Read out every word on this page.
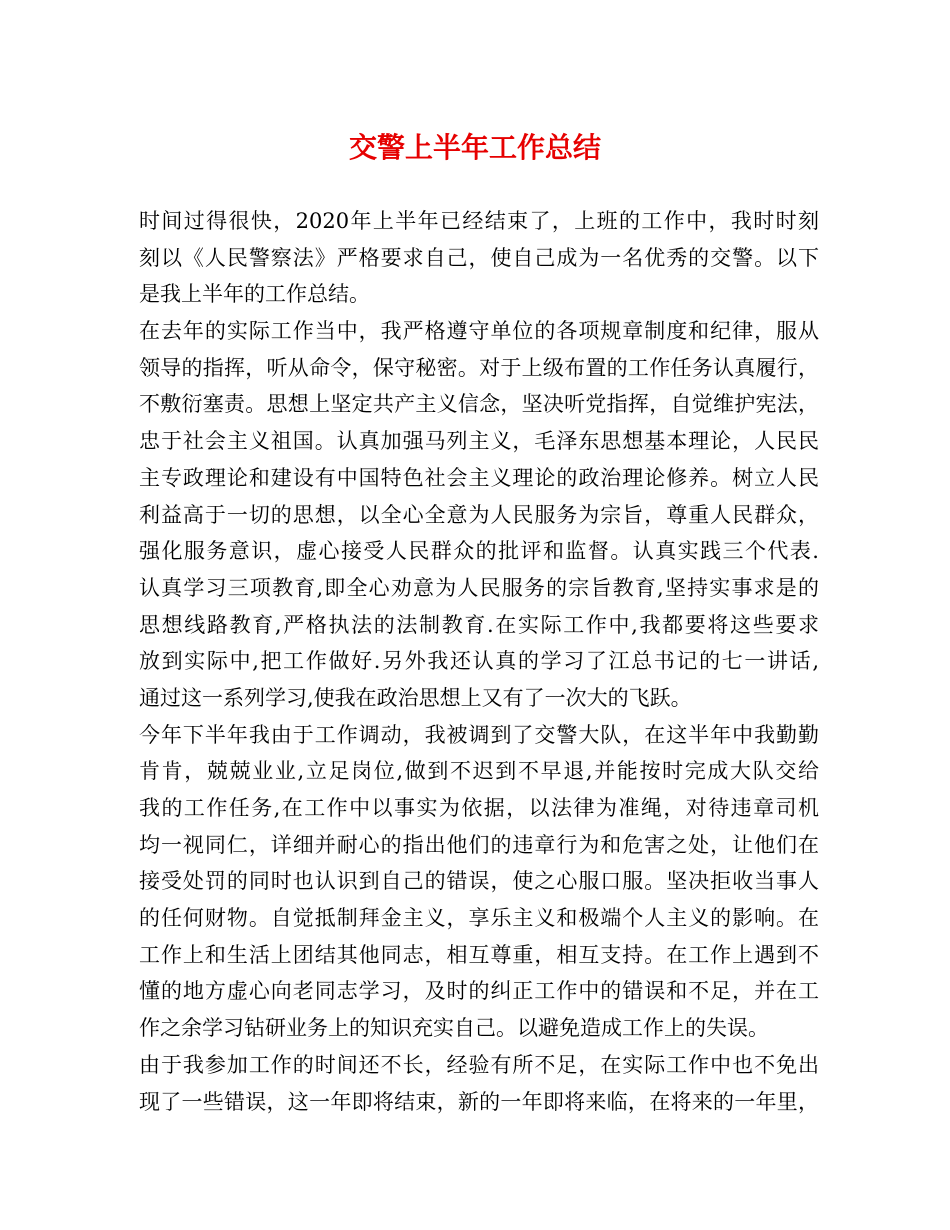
交警上半年工作总结
时间过得很快，2020年上半年已经结束了，上班的工作中，我时时刻
刻以《人民警察法》严格要求自己，使自己成为一名优秀的交警。以下
是我上半年的工作总结。
在去年的实际工作当中，我严格遵守单位的各项规章制度和纪律，服从
领导的指挥，听从命令，保守秘密。对于上级布置的工作任务认真履行，
不敷衍塞责。思想上坚定共产主义信念，坚决听党指挥，自觉维护宪法，
忠于社会主义祖国。认真加强马列主义，毛泽东思想基本理论，人民民
主专政理论和建设有中国特色社会主义理论的政治理论修养。树立人民
利益高于一切的思想，以全心全意为人民服务为宗旨，尊重人民群众，
强化服务意识，虚心接受人民群众的批评和监督。认真实践三个代表.
认真学习三项教育,即全心劝意为人民服务的宗旨教育,坚持实事求是的
思想线路教育,严格执法的法制教育.在实际工作中,我都要将这些要求
放到实际中,把工作做好.另外我还认真的学习了江总书记的七一讲话,
通过这一系列学习,使我在政治思想上又有了一次大的飞跃。
今年下半年我由于工作调动，我被调到了交警大队，在这半年中我勤勤
肯肯，兢兢业业,立足岗位,做到不迟到不早退,并能按时完成大队交给
我的工作任务,在工作中以事实为依据，以法律为准绳，对待违章司机
均一视同仁，详细并耐心的指出他们的违章行为和危害之处，让他们在
接受处罚的同时也认识到自己的错误，使之心服口服。坚决拒收当事人
的任何财物。自觉抵制拜金主义，享乐主义和极端个人主义的影响。在
工作上和生活上团结其他同志，相互尊重，相互支持。在工作上遇到不
懂的地方虚心向老同志学习，及时的纠正工作中的错误和不足，并在工
作之余学习钻研业务上的知识充实自己。以避免造成工作上的失误。
由于我参加工作的时间还不长，经验有所不足，在实际工作中也不免出
现了一些错误，这一年即将结束，新的一年即将来临，在将来的一年里，
